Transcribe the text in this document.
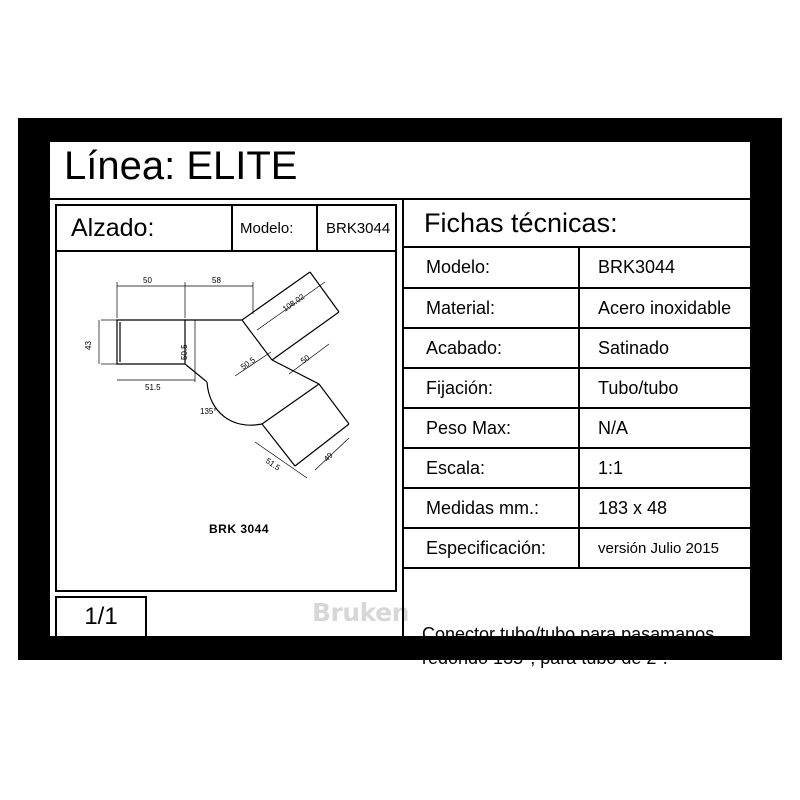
Línea: ELITE
Alzado:	Modelo:	BRK3044
50	58
43	50.5
51.5
108.02
50.5	50
135°
51.5	49
BRK 3044
1/1	Bruken
Fichas técnicas:
Modelo:	BRK3044
Material:	Acero inoxidable
Acabado:	Satinado
Fijación:	Tubo/tubo
Peso Max:	N/A
Escala:	1:1
Medidas mm.:	183 x 48
Especificación:	versión Julio 2015
Conector tubo/tubo para pasamanos redondo 135°, para tubo de 2".
